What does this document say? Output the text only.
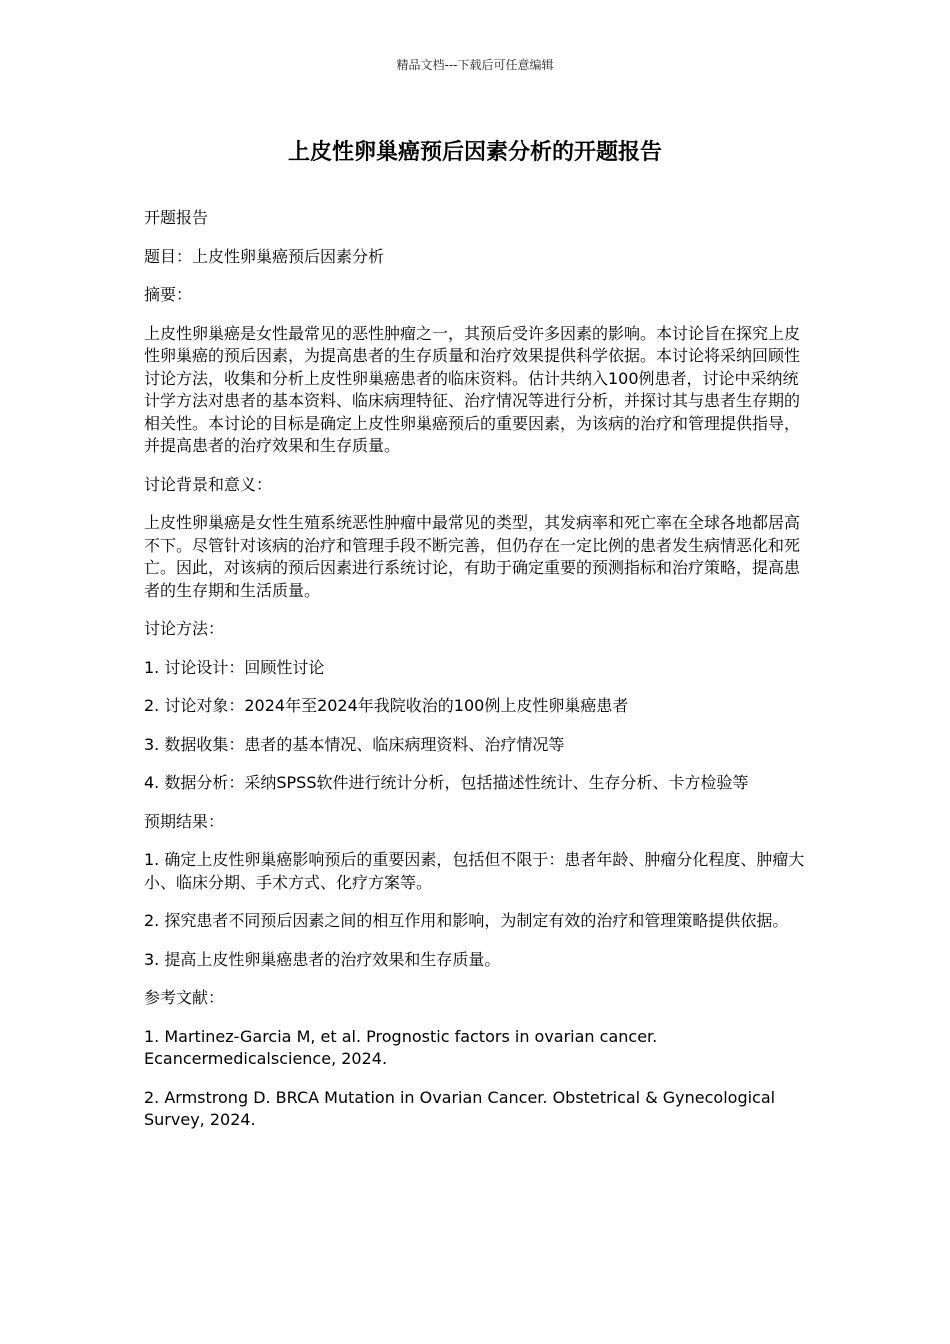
精品文档---下载后可任意编辑
上皮性卵巢癌预后因素分析的开题报告

开题报告

题目：上皮性卵巢癌预后因素分析

摘要：

上皮性卵巢癌是女性最常见的恶性肿瘤之一，其预后受许多因素的影响。本讨论旨在探究上皮性卵巢癌的预后因素，为提高患者的生存质量和治疗效果提供科学依据。本讨论将采纳回顾性讨论方法，收集和分析上皮性卵巢癌患者的临床资料。估计共纳入100例患者，讨论中采纳统计学方法对患者的基本资料、临床病理特征、治疗情况等进行分析，并探讨其与患者生存期的相关性。本讨论的目标是确定上皮性卵巢癌预后的重要因素，为该病的治疗和管理提供指导，并提高患者的治疗效果和生存质量。

讨论背景和意义：

上皮性卵巢癌是女性生殖系统恶性肿瘤中最常见的类型，其发病率和死亡率在全球各地都居高不下。尽管针对该病的治疗和管理手段不断完善，但仍存在一定比例的患者发生病情恶化和死亡。因此，对该病的预后因素进行系统讨论，有助于确定重要的预测指标和治疗策略，提高患者的生存期和生活质量。

讨论方法：

1. 讨论设计：回顾性讨论

2. 讨论对象：2024年至2024年我院收治的100例上皮性卵巢癌患者

3. 数据收集：患者的基本情况、临床病理资料、治疗情况等

4. 数据分析：采纳SPSS软件进行统计分析，包括描述性统计、生存分析、卡方检验等

预期结果：

1. 确定上皮性卵巢癌影响预后的重要因素，包括但不限于：患者年龄、肿瘤分化程度、肿瘤大小、临床分期、手术方式、化疗方案等。

2. 探究患者不同预后因素之间的相互作用和影响，为制定有效的治疗和管理策略提供依据。

3. 提高上皮性卵巢癌患者的治疗效果和生存质量。

参考文献：

1. Martinez-Garcia M, et al. Prognostic factors in ovarian cancer. Ecancermedicalscience, 2024.

2. Armstrong D. BRCA Mutation in Ovarian Cancer. Obstetrical & Gynecological Survey, 2024.
